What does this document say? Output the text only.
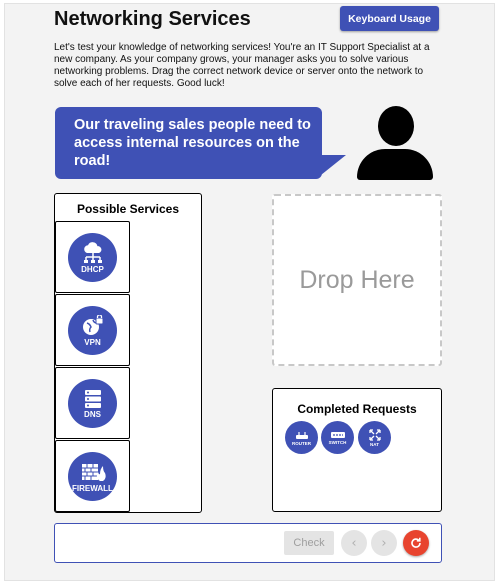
Networking Services	Keyboard Usage

Let's test your knowledge of networking services! You're an IT Support Specialist at a new company. As your company grows, your manager asks you to solve various networking problems. Drag the correct network device or server onto the network to solve each of her requests. Good luck!

Our traveling sales people need to access internal resources on the road!
Possible Services
DHCP
VPN
DNS
FIREWALL
Drop Here
Completed Requests
ROUTER	SWITCH	NAT
Check	‹ ›
